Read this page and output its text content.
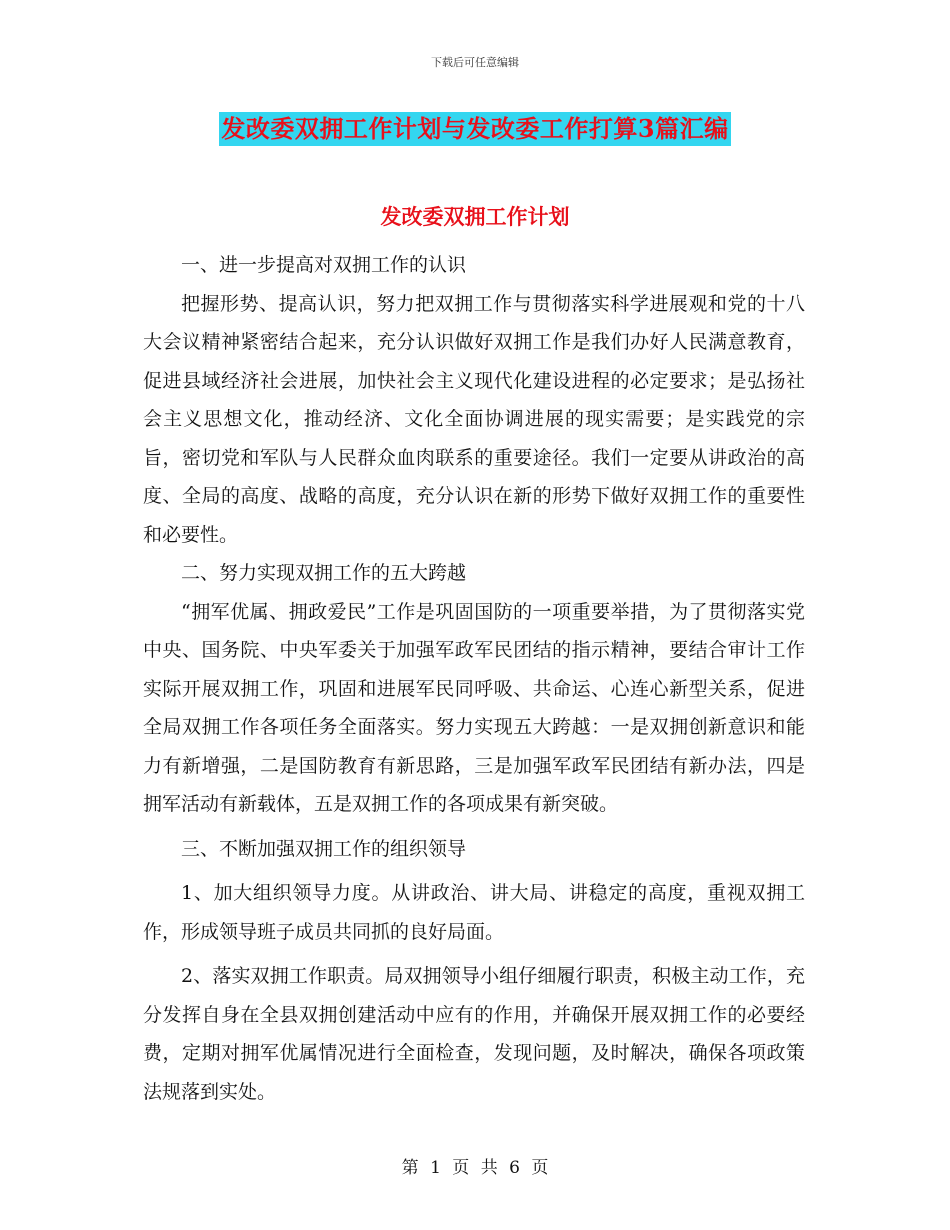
下载后可任意编辑
发改委双拥工作计划与发改委工作打算3篇汇编
发改委双拥工作计划

一、进一步提高对双拥工作的认识

把握形势、提高认识，努力把双拥工作与贯彻落实科学进展观和党的十八大会议精神紧密结合起来，充分认识做好双拥工作是我们办好人民满意教育，促进县域经济社会进展，加快社会主义现代化建设进程的必定要求；是弘扬社会主义思想文化，推动经济、文化全面协调进展的现实需要；是实践党的宗旨，密切党和军队与人民群众血肉联系的重要途径。我们一定要从讲政治的高度、全局的高度、战略的高度，充分认识在新的形势下做好双拥工作的重要性和必要性。

二、努力实现双拥工作的五大跨越

“拥军优属、拥政爱民”工作是巩固国防的一项重要举措，为了贯彻落实党中央、国务院、中央军委关于加强军政军民团结的指示精神，要结合审计工作实际开展双拥工作，巩固和进展军民同呼吸、共命运、心连心新型关系，促进全局双拥工作各项任务全面落实。努力实现五大跨越：一是双拥创新意识和能力有新增强，二是国防教育有新思路，三是加强军政军民团结有新办法，四是拥军活动有新载体，五是双拥工作的各项成果有新突破。

三、不断加强双拥工作的组织领导

1、加大组织领导力度。从讲政治、讲大局、讲稳定的高度，重视双拥工作，形成领导班子成员共同抓的良好局面。

2、落实双拥工作职责。局双拥领导小组仔细履行职责，积极主动工作，充分发挥自身在全县双拥创建活动中应有的作用，并确保开展双拥工作的必要经费，定期对拥军优属情况进行全面检查，发现问题，及时解决，确保各项政策法规落到实处。

第 1 页 共 6 页
